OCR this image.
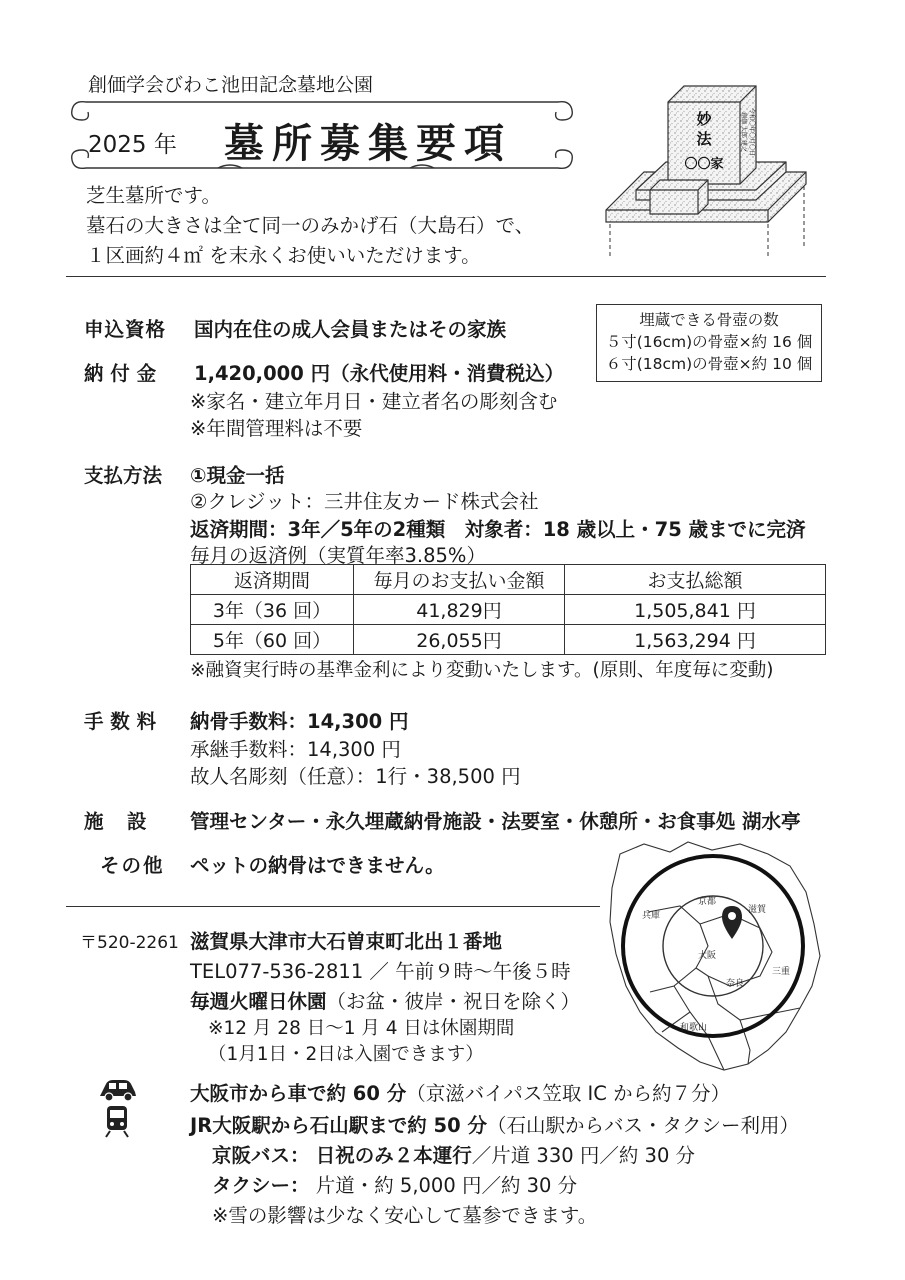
創価学会びわこ池田記念墓地公園
2025 年 墓所募集要項
芝生墓所です。
墓石の大きさは全て同一のみかげ石（大島石）で、
１区画約４㎡ を末永くお使いいただけます。
妙
法
〇〇家
令和〇年〇月〇日
創価 太郎 建之
申込資格 国内在住の成人会員またはその家族	埋蔵できる骨壺の数
５寸(16cm)の骨壺×約 16 個
６寸(18cm)の骨壺×約 10 個
納 付 金 1,420,000 円（永代使用料・消費税込）
※家名・建立年月日・建立者名の彫刻含む
※年間管理料は不要
支払方法 ①現金一括
②クレジット：三井住友カード株式会社
返済期間：3年／5年の2種類　対象者：18 歳以上・75 歳までに完済
毎月の返済例（実質年率3.85%）
返済期間	毎月のお支払い金額	お支払総額
3年（36 回）	41,829円	1,505,841 円
5年（60 回）	26,055円	1,563,294 円
※融資実行時の基準金利により変動いたします。(原則、年度毎に変動)
手 数 料 納骨手数料：14,300 円
承継手数料：14,300 円
故人名彫刻（任意）：1行・38,500 円
施　設 管理センター・永久埋蔵納骨施設・法要室・休憩所・お食事処 湖水亭
その他 ペットの納骨はできません。
京都
滋賀
兵庫
大阪
三重
奈良
和歌山
〒520-2261 滋賀県大津市大石曽束町北出１番地
TEL077-536-2811 ／ 午前９時～午後５時
毎週火曜日休園（お盆・彼岸・祝日を除く）
※12 月 28 日～1 月 4 日は休園期間
（1月1日・2日は入園できます）
大阪市から車で約 60 分（京滋バイパス笠取 IC から約７分）
JR大阪駅から石山駅まで約 50 分（石山駅からバス・タクシー利用）
京阪バス： 日祝のみ２本運行／片道 330 円／約 30 分
タクシー： 片道・約 5,000 円／約 30 分
※雪の影響は少なく安心して墓参できます。
